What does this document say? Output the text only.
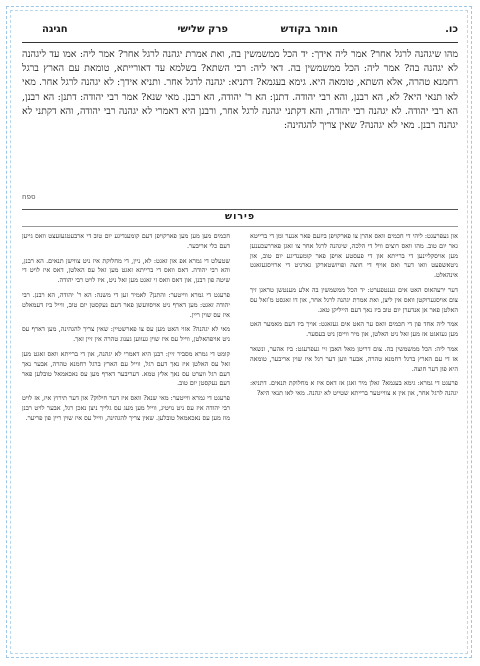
כו.
חומר בקודש
פרק שלישי
חגיגה
מהו שיגהנה לרגל אחר? אמר ליה אידך: יד הכל ממשמשין בה, ואת אמרת יגהנה לרגל אחר? אמר ליה: אמו עד ליגהנה לא יגהנה בה? אמר ליה: הכל ממשמשין בה. דאי ליה: רבי השתא? בשלמא עד דאורייתא, טומאת עם הארץ ברגל רחמנא טהרה, אלא השתא, טומאה היא. גימא בעגמא? דתניא: יגהנה לרגל אחר. ותניא אידך: לא יגהנה לרגל אחר. מאי לאו תנאי היא? לא, הא רבנן, והא רבי יהודה. דתנן: הא ר' יהודה, הא רבנן. מאי שנא? אמר רבי יהודה: דתנן: הא רבנן, הא רבי יהודה. לא יגהנה רבי יהודה, והא דקתני יגהנה לרגל אחר, ורבנן היא דאמרי לא יגהנה רבי יהודה, והא דקתני לא יגהנה רבנן. מאי לא יגהנה? שאין צריך להגהינה:
ספח
פירוש

און געפרעגט: ליהי די חכמים וואס אהרן צו פארקויפן ביזעם פאר אנער ומן די ברייטא גאר יום טוב. מהו וואס רוצים וויל די הלכה, שיגהנה לרגל אחר צו זאגן פאררעכענען מען אויסקליינען די ברייתא און די פעסטע אויפן פאר קומענדיגע יום טוב, און ניטאשפעט וואו דער ואס אויף די חוצה ופויזשטארקן גארניט די ארויסגעזאגט אינהאלט.

דער ירעהאוס האט אים גענטפערט: יד הכל ממשמשין בה אלע מענטשן טראגן זיך צום אויסגערוקטן וואס אין ליצן, ואת אמרת יגהנה לרגל אחר, און דו זאגסט מ'זאל עס האלטן פאר אן אנדערן יום טוב ביז נאך דעם הייליקן טאג.

אמר ליה אחד פון די חכמים וואס ער האט אים געזאגט: אויך ביז דעם מאמער האט מען געזאגט אז מען זאל ניט האלטן, און מיר ווייסן ניט בעסער.

אמר ליה: הכל ממשמשין בה. צום דריטן מאל האבן זיי געפרעגט: ביז אהער, ונשאר אז די עם הארץ ברגל רחמנא טהרה, אבער ווען דער רגל איז שוין אריבער, טומאה היא פון דער חוצה.

פרעגט די גמרא: גימא בעגמא? זאלן מיר זאגן אז דאס איז א מחלוקת תנאים. דתניא: יגהנה לרגל אחר, און אין א צווייטער ברייתא שטייט לא יגהנה. מאי לאו תנאי היא?

חכמים מען מען מען פארקויפן דעם קומענדיגע יום טוב די ארבעטגעזעצט וואס גייען דעם כלי אריבער.

שטעלט די גמרא אפ און זאגט: לא, ניין, די מחלוקת איז ניט צווישן תנאים. הא רבנן, והא רבי יהודה. דאס וואס די ברייתא זאגט מען זאל עס האלטן, דאס איז לויט די שיטה פון רבנן, און דאס וואס זי זאגט מען זאל ניט, איז לויט רבי יהודה.

פרעגט די גמרא ווייטער: והתנן? לאמיר זען די משנה: הא ר' יהודה, הא רבנן. רבי יהודה זאגט: מען דארף ניט אויסוועשן פאר דעם נעקסטן יום טוב, ווייל ביז דעמאלט איז עס שוין ריין.

מאי לא יגהנה? אזוי האט מען עס צו פארשטיין: שאין צריך להגהינה, מען דארף עס ניט אויפהאלטן, ווייל עס איז שוין געווען גענוג טהרה אין זיין זאך.

קומט די גמרא מסביר זיין: רבנן היא דאמרי לא יגהנה, און די ברייתא וואס זאגט מען זאל עס האלטן איז נאך דעם רגל, ווייל עם הארץ ברגל רחמנא טהרה, אבער נאך דעם רגל ווערט עס נאך אלץ טמא. דעריבער דארף מען עס נאכאמאל טובלען פאר דעם נעקסטן יום טוב.

פרעגט די גמרא ווייטער: מאי שנא? וואס איז דער חילוק? און דער תירוץ איז, אז לויט רבי יהודה איז עס ניט נויטיג, ווייל מען מעג עס גלייך ניצן נאכן רגל, אבער לויט רבנן מוז מען עס נאכאמאל טובלען. שאין צריך להגהינה, ווייל עס איז שוין ריין פון פריער.
